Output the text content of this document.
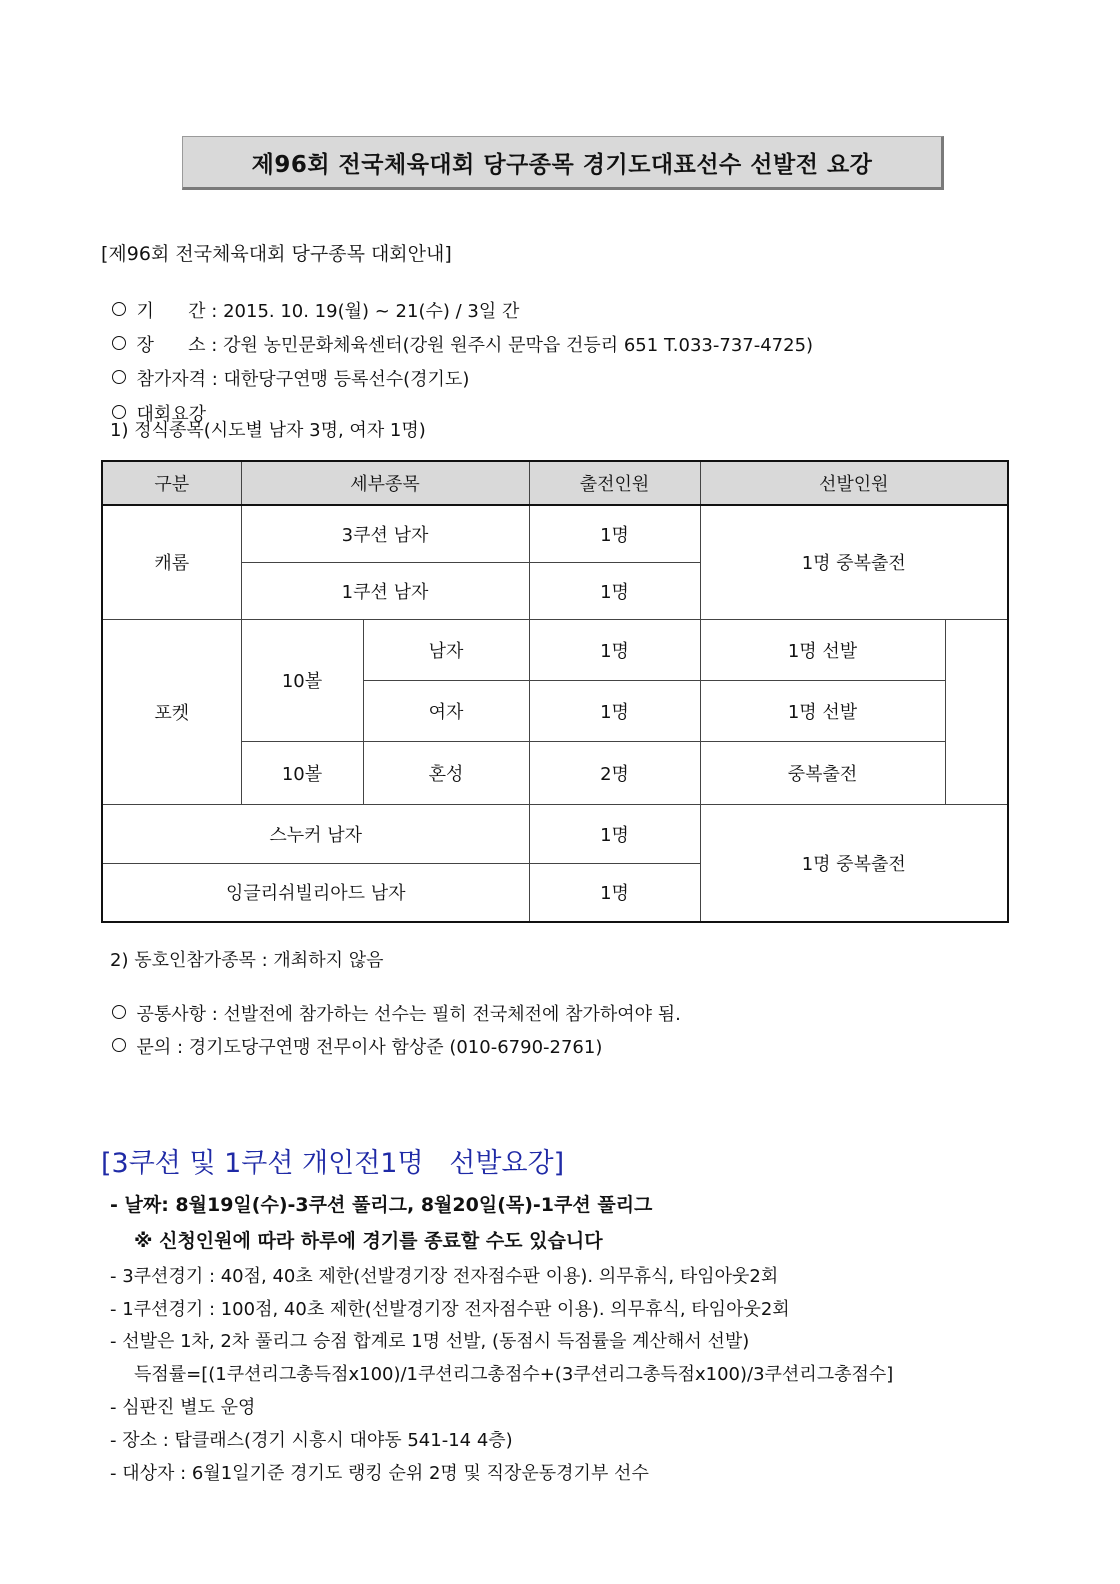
제96회 전국체육대회 당구종목 경기도대표선수 선발전 요강
[제96회 전국체육대회 당구종목 대회안내]

기      간 : 2015. 10. 19(월) ~ 21(수) / 3일 간

장      소 : 강원 농민문화체육센터(강원 원주시 문막읍 건등리 651 T.033-737-4725)

참가자격 : 대한당구연맹 등록선수(경기도)

대회요강

1) 정식종목(시도별 남자 3명, 여자 1명)
구분	세부종목		출전인원	선발인원	
캐롬	3쿠션 남자		1명	1명 중복출전	
	1쿠션 남자		1명		
포켓	10볼	남자	1명	1명 선발	
		여자	1명	1명 선발	
	10볼	혼성	2명	중복출전	
스누커 남자			1명	1명 중복출전	
잉글리쉬빌리아드 남자			1명		
2) 동호인참가종목 : 개최하지 않음

공통사항 : 선발전에 참가하는 선수는 필히 전국체전에 참가하여야 됨.

문의 : 경기도당구연맹 전무이사 함상준 (010-6790-2761)

[3쿠션 및 1쿠션 개인전1명   선발요강]
- 날짜: 8월19일(수)-3쿠션 풀리그, 8월20일(목)-1쿠션 풀리그
※ 신청인원에 따라 하루에 경기를 종료할 수도 있습니다
- 3쿠션경기 : 40점, 40초 제한(선발경기장 전자점수판 이용). 의무휴식, 타임아웃2회
- 1쿠션경기 : 100점, 40초 제한(선발경기장 전자점수판 이용). 의무휴식, 타임아웃2회
- 선발은 1차, 2차 풀리그 승점 합계로 1명 선발, (동점시 득점률을 계산해서 선발)
득점률=[(1쿠션리그총득점x100)/1쿠션리그총점수+(3쿠션리그총득점x100)/3쿠션리그총점수]
- 심판진 별도 운영
- 장소 : 탑클래스(경기 시흥시 대야동 541-14 4층)
- 대상자 : 6월1일기준 경기도 랭킹 순위 2명 및 직장운동경기부 선수
